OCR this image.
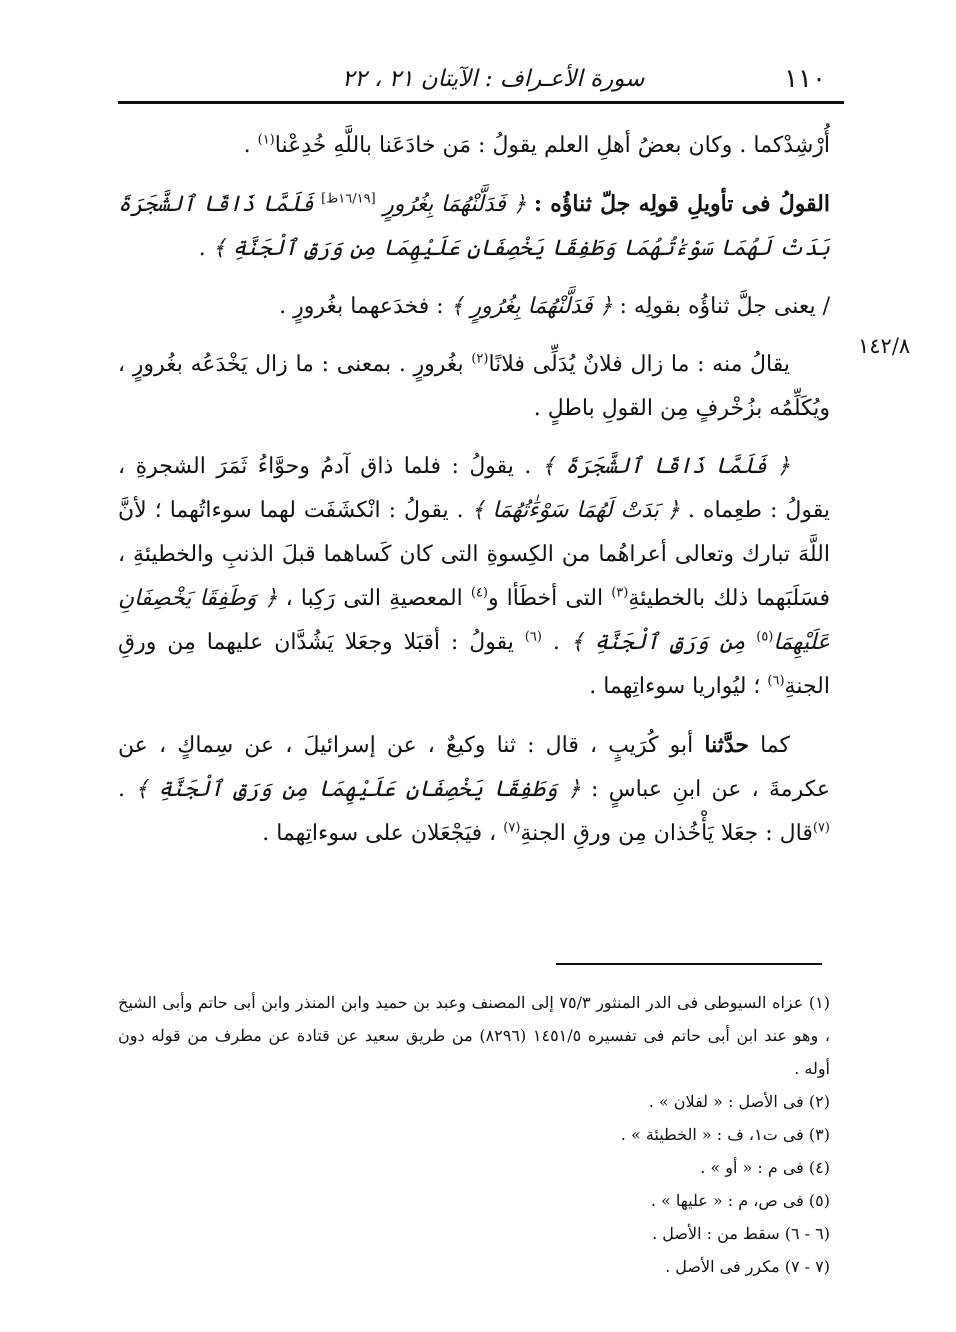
١١٠
سورة الأعـراف : الآيتان ٢١ ، ٢٢
١٤٢/٨

أُرْشِدْكما . وكان بعضُ أهلِ العلم يقولُ : مَن خادَعَنا باللَّهِ خُدِعْنا$^{(١)}$ .

القولُ فى تأويلِ قولِه جلّ ثناؤُه : ﴿ فَدَلَّنْهُمَا بِغُرُورٍ [١٦/١٩ظ] فَلَمَّا ذَاقَا ٱلشَّجَرَةَ بَدَتْ لَهُمَا سَوْءَٰتُهُمَا وَطَفِقَا يَخْصِفَانِ عَلَيْهِمَا مِن وَرَقِ ٱلْجَنَّةِ ﴾ .

/ يعنى جلَّ ثناؤُه بقولِه : ﴿ فَدَلَّنْهُمَا بِغُرُورٍ ﴾ : فخدَعهما بغُرورٍ .

يقالُ منه : ما زال فلانٌ يُدَلِّى فلانًا$^{(٢)}$ بغُرورٍ . بمعنى : ما زال يَخْدَعُه بغُرورٍ ، ويُكَلِّمُه بزُخْرفٍ مِن القولِ باطلٍ .

﴿ فَلَمَّا ذَاقَا ٱلشَّجَرَةَ ﴾ . يقولُ : فلما ذاق آدمُ وحوَّاءُ ثَمَرَ الشجرةِ ، يقولُ : طعِماه . ﴿ بَدَتْ لَهُمَا سَوْءَٰتُهُمَا ﴾ . يقولُ : انْكشَفَت لهما سوءاتُهما ؛ لأنَّ اللَّهَ تبارك وتعالى أعراهُما من الكِسوةِ التى كان كَساهما قبلَ الذنبِ والخطيئةِ ، فسَلَبَهما ذلك بالخطيئةِ$^{(٣)}$ التى أخطَأا و$^{(٤)}$ المعصيةِ التى رَكِبا ، ﴿ وَطَفِقَا يَخْصِفَانِ عَلَيْهِمَا$^{(٥)}$ مِن وَرَقِ ٱلْجَنَّةِ ﴾ . $^{(٦)}$ يقولُ : أقبَلا وجعَلا يَشُدَّان عليهما مِن ورقِ الجنةِ$^{(٦)}$ ؛ ليُواريا سوءاتِهما .

كما حدَّثنا أبو كُرَيبٍ ، قال : ثنا وكيعٌ ، عن إسرائيلَ ، عن سِماكٍ ، عن عكرمةَ ، عن ابنِ عباسٍ : ﴿ وَطَفِقَا يَخْصِفَانِ عَلَيْهِمَا مِن وَرَقِ ٱلْجَنَّةِ ﴾ . $^{(٧)}$قال : جعَلا يَأْخُذان مِن ورقِ الجنةِ$^{(٧)}$ ، فيَجْعَلان على سوءاتِهما .

(١) عزاه السيوطى فى الدر المنثور ٧٥/٣ إلى المصنف وعبد بن حميد وابن المنذر وابن أبى حاتم وأبى الشيخ ، وهو عند ابن أبى حاتم فى تفسيره ١٤٥١/٥ (٨٢٩٦) من طريق سعيد عن قتادة عن مطرف من قوله دون أوله .

(٢) فى الأصل : « لفلان » .

(٣) فى ت١، ف : « الخطيئة » .

(٤) فى م : « أو » .

(٥) فى ص، م : « عليها » .

(٦ - ٦) سقط من : الأصل .

(٧ - ٧) مكرر فى الأصل .
